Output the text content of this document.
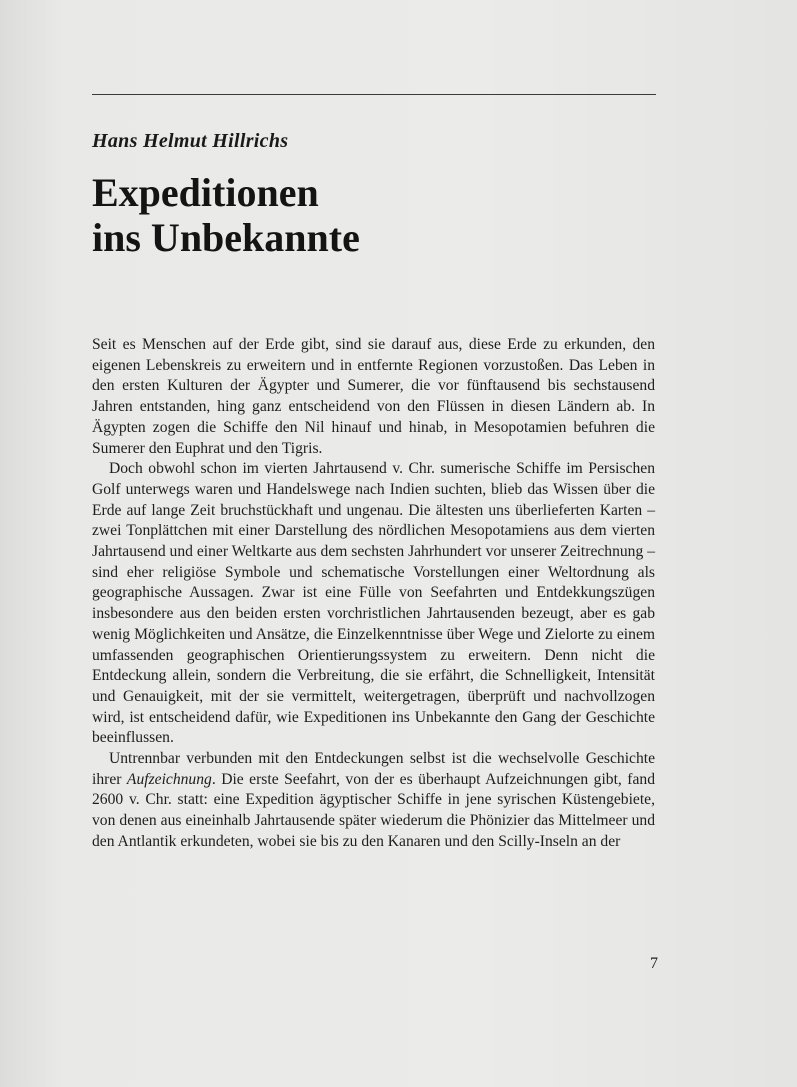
Hans Helmut Hillrichs

Expeditionen
ins Unbekannte

Seit es Menschen auf der Erde gibt, sind sie darauf aus, diese Erde zu erkunden, den eigenen Lebenskreis zu erweitern und in entfernte Regionen vorzustoßen. Das Leben in den ersten Kulturen der Ägypter und Sumerer, die vor fünftausend bis sechstausend Jahren entstanden, hing ganz entscheidend von den Flüssen in diesen Ländern ab. In Ägypten zogen die Schiffe den Nil hinauf und hinab, in Mesopotamien befuhren die Sumerer den Euphrat und den Tigris.

Doch obwohl schon im vierten Jahrtausend v. Chr. sumerische Schiffe im Persischen Golf unterwegs waren und Handelswege nach Indien suchten, blieb das Wissen über die Erde auf lange Zeit bruchstückhaft und ungenau. Die ältesten uns überlieferten Karten – zwei Tonplättchen mit einer Darstellung des nördlichen Mesopotamiens aus dem vierten Jahrtausend und einer Weltkarte aus dem sechsten Jahrhundert vor unserer Zeitrechnung – sind eher religiöse Symbole und schematische Vorstellungen einer Weltordnung als geographische Aussagen. Zwar ist eine Fülle von Seefahrten und Entdekkungszügen insbesondere aus den beiden ersten vorchristlichen Jahrtausenden bezeugt, aber es gab wenig Möglichkeiten und Ansätze, die Einzelkenntnisse über Wege und Zielorte zu einem umfassenden geographischen Orientierungssystem zu erweitern. Denn nicht die Entdeckung allein, sondern die Verbreitung, die sie erfährt, die Schnelligkeit, Intensität und Genauigkeit, mit der sie vermittelt, weitergetragen, überprüft und nachvollzogen wird, ist entscheidend dafür, wie Expeditionen ins Unbekannte den Gang der Geschichte beeinflussen.

Untrennbar verbunden mit den Entdeckungen selbst ist die wechselvolle Geschichte ihrer Aufzeichnung. Die erste Seefahrt, von der es überhaupt Aufzeichnungen gibt, fand 2600 v. Chr. statt: eine Expedition ägyptischer Schiffe in jene syrischen Küstengebiete, von denen aus eineinhalb Jahrtausende später wiederum die Phönizier das Mittelmeer und den Antlantik erkundeten, wobei sie bis zu den Kanaren und den Scilly-Inseln an der

7
